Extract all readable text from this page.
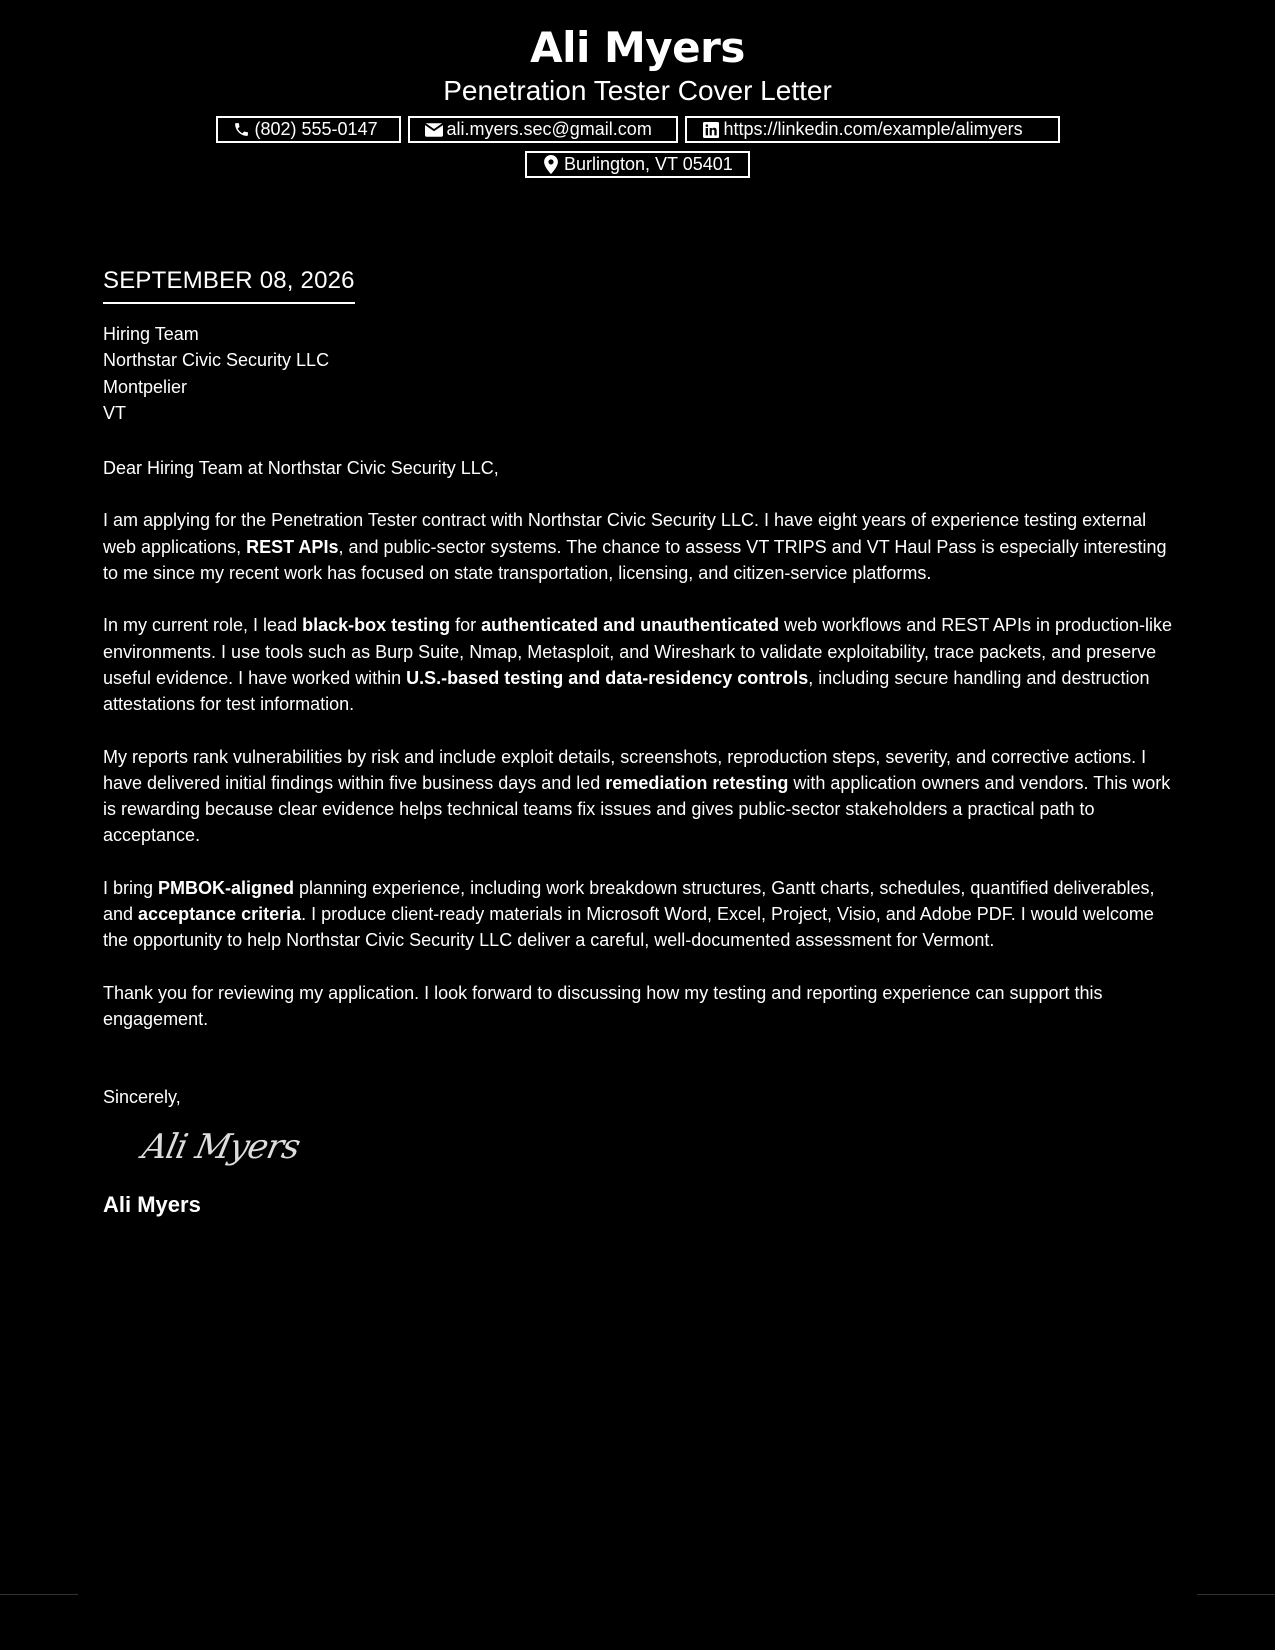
Ali Myers
Penetration Tester Cover Letter
(802) 555-0147	ali.myers.sec@gmail.com	https://linkedin.com/example/alimyers
Burlington, VT 05401
SEPTEMBER 08, 2026
Hiring Team
Northstar Civic Security LLC
Montpelier
VT
Dear Hiring Team at Northstar Civic Security LLC,

I am applying for the Penetration Tester contract with Northstar Civic Security LLC. I have eight years of experience testing external web applications, REST APIs, and public-sector systems. The chance to assess VT TRIPS and VT Haul Pass is especially interesting to me since my recent work has focused on state transportation, licensing, and citizen-service platforms.

In my current role, I lead black-box testing for authenticated and unauthenticated web workflows and REST APIs in production-like environments. I use tools such as Burp Suite, Nmap, Metasploit, and Wireshark to validate exploitability, trace packets, and preserve useful evidence. I have worked within U.S.-based testing and data-residency controls, including secure handling and destruction attestations for test information.

My reports rank vulnerabilities by risk and include exploit details, screenshots, reproduction steps, severity, and corrective actions. I have delivered initial findings within five business days and led remediation retesting with application owners and vendors. This work is rewarding because clear evidence helps technical teams fix issues and gives public-sector stakeholders a practical path to acceptance.

I bring PMBOK-aligned planning experience, including work breakdown structures, Gantt charts, schedules, quantified deliverables, and acceptance criteria. I produce client-ready materials in Microsoft Word, Excel, Project, Visio, and Adobe PDF. I would welcome the opportunity to help Northstar Civic Security LLC deliver a careful, well-documented assessment for Vermont.

Thank you for reviewing my application. I look forward to discussing how my testing and reporting experience can support this engagement.

Sincerely,
Ali Myers
Ali Myers
